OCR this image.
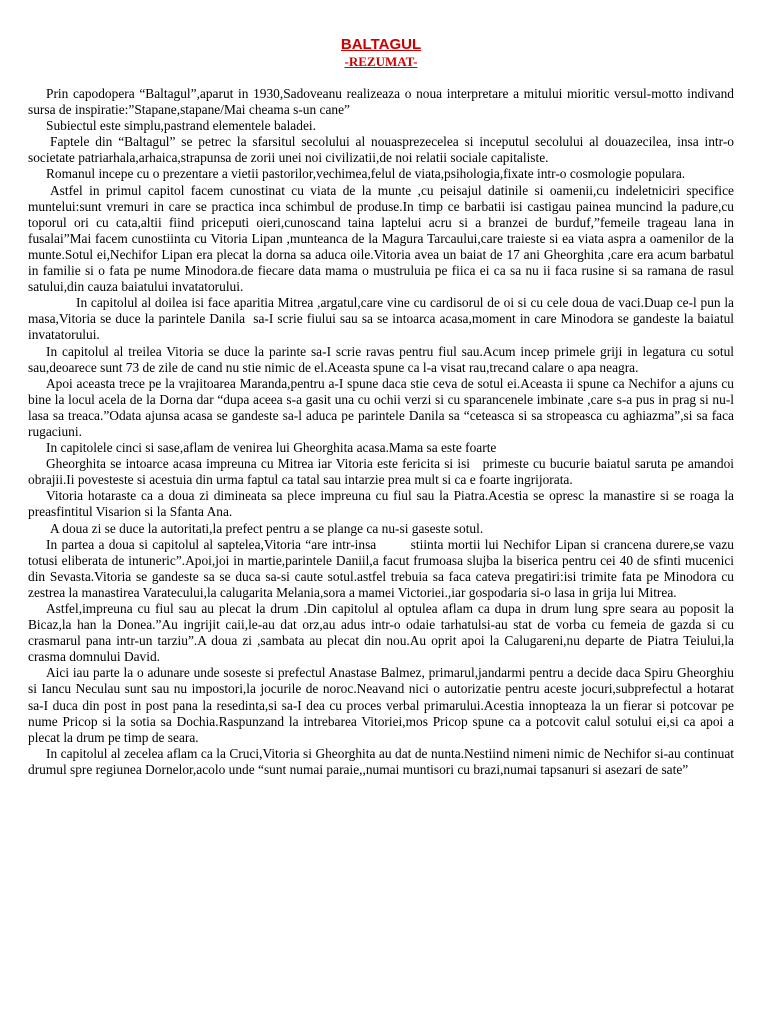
BALTAGUL

-REZUMAT-

Prin capodopera “Baltagul”,aparut in 1930,Sadoveanu realizeaza o noua interpretare a mitului mioritic versul-motto indivand sursa de inspiratie:”Stapane,stapane/Mai cheama s-un cane”

Subiectul este simplu,pastrand elementele baladei.

Faptele din “Baltagul” se petrec la sfarsitul secolului al nouasprezecelea si inceputul secolului al douazecilea, insa intr-o societate patriarhala,arhaica,strapunsa de zorii unei noi civilizatii,de noi relatii sociale capitaliste.

Romanul incepe cu o prezentare a vietii pastorilor,vechimea,felul de viata,psihologia,fixate intr-o cosmologie populara.

Astfel in primul capitol facem cunostinat cu viata de la munte ,cu peisajul datinile si oamenii,cu indeletniciri specifice muntelui:sunt vremuri in care se practica inca schimbul de produse.In timp ce barbatii isi castigau painea muncind la padure,cu toporul ori cu cata,altii fiind priceputi oieri,cunoscand taina laptelui acru si a branzei de burduf,”femeile trageau lana in fusalai”Mai facem cunostiinta cu Vitoria Lipan ,munteanca de la Magura Tarcaului,care traieste si ea viata aspra a oamenilor de la munte.Sotul ei,Nechifor Lipan era plecat la dorna sa aduca oile.Vitoria avea un baiat de 17 ani Gheorghita ,care era acum barbatul in familie si o fata pe nume Minodora.de fiecare data mama o mustruluia pe fiica ei ca sa nu ii faca rusine si sa ramana de rasul satului,din cauza baiatului invatatorului.

In capitolul al doilea isi face aparitia Mitrea ,argatul,care vine cu cardisorul de oi si cu cele doua de vaci.Duap ce-l pun la masa,Vitoria se duce la parintele Danila  sa-I scrie fiului sau sa se intoarca acasa,moment in care Minodora se gandeste la baiatul invatatorului.

In capitolul al treilea Vitoria se duce la parinte sa-I scrie ravas pentru fiul sau.Acum incep primele griji in legatura cu sotul sau,deoarece sunt 73 de zile de cand nu stie nimic de el.Aceasta spune ca l-a visat rau,trecand calare o apa neagra.

Apoi aceasta trece pe la vrajitoarea Maranda,pentru a-I spune daca stie ceva de sotul ei.Aceasta ii spune ca Nechifor a ajuns cu bine la locul acela de la Dorna dar “dupa aceea s-a gasit una cu ochii verzi si cu sparancenele imbinate ,care s-a pus in prag si nu-l lasa sa treaca.”Odata ajunsa acasa se gandeste sa-l aduca pe parintele Danila sa “ceteasca si sa stropeasca cu aghiazma”,si sa faca rugaciuni.

In capitolele cinci si sase,aflam de venirea lui Gheorghita acasa.Mama sa este foarte

Gheorghita se intoarce acasa impreuna cu Mitrea iar Vitoria este fericita si isi   primeste cu bucurie baiatul saruta pe amandoi obrajii.Ii povesteste si acestuia din urma faptul ca tatal sau intarzie prea mult si ca e foarte ingrijorata.

Vitoria hotaraste ca a doua zi dimineata sa plece impreuna cu fiul sau la Piatra.Acestia se opresc la manastire si se roaga la preasfintitul Visarion si la Sfanta Ana.

A doua zi se duce la autoritati,la prefect pentru a se plange ca nu-si gaseste sotul.

In partea a doua si capitolul al saptelea,Vitoria “are intr-insa        stiinta mortii lui Nechifor Lipan si crancena durere,se vazu totusi eliberata de intuneric”.Apoi,joi in martie,parintele Daniil,a facut frumoasa slujba la biserica pentru cei 40 de sfinti mucenici din Sevasta.Vitoria se gandeste sa se duca sa-si caute sotul.astfel trebuia sa faca cateva pregatiri:isi trimite fata pe Minodora cu zestrea la manastirea Varatecului,la calugarita Melania,sora a mamei Victoriei.,iar gospodaria si-o lasa in grija lui Mitrea.

Astfel,impreuna cu fiul sau au plecat la drum .Din capitolul al optulea aflam ca dupa in drum lung spre seara au poposit la Bicaz,la han la Donea.”Au ingrijit caii,le-au dat orz,au adus intr-o odaie tarhatulsi-au stat de vorba cu femeia de gazda si cu crasmarul pana intr-un tarziu”.A doua zi ,sambata au plecat din nou.Au oprit apoi la Calugareni,nu departe de Piatra Teiului,la crasma domnului David.

Aici iau parte la o adunare unde soseste si prefectul Anastase Balmez, primarul,jandarmi pentru a decide daca Spiru Gheorghiu si Iancu Neculau sunt sau nu impostori,la jocurile de noroc.Neavand nici o autorizatie pentru aceste jocuri,subprefectul a hotarat sa-I duca din post in post pana la resedinta,si sa-I dea cu proces verbal primarului.Acestia innopteaza la un fierar si potcovar pe nume Pricop si la sotia sa Dochia.Raspunzand la intrebarea Vitoriei,mos Pricop spune ca a potcovit calul sotului ei,si ca apoi a plecat la drum pe timp de seara.

In capitolul al zecelea aflam ca la Cruci,Vitoria si Gheorghita au dat de nunta.Nestiind nimeni nimic de Nechifor si-au continuat drumul spre regiunea Dornelor,acolo unde “sunt numai paraie,,numai muntisori cu brazi,numai tapsanuri si asezari de sate”
